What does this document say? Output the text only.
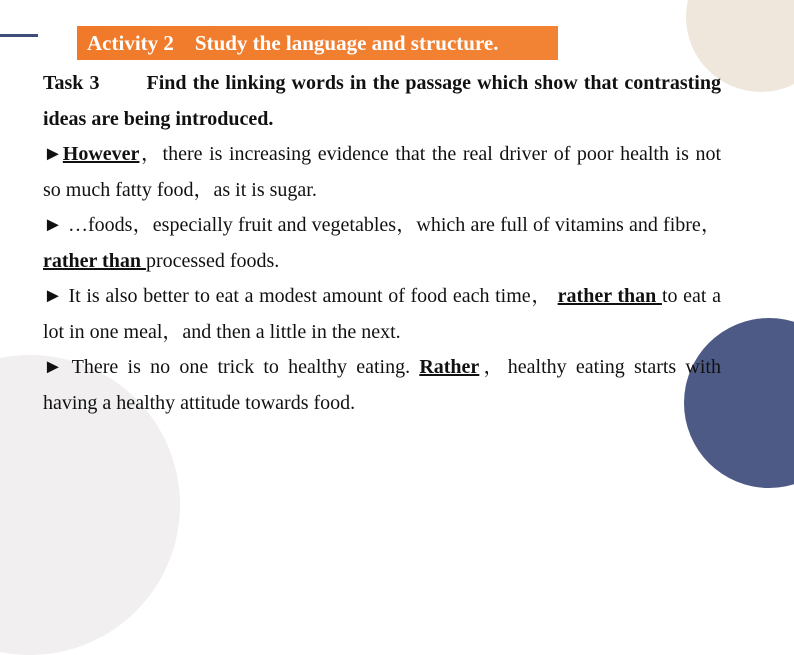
Activity 2    Study the language and structure.

Task 3 Find the linking words in the passage which show that contrasting ideas are being introduced.

►However，there is increasing evidence that the real driver of poor health is not so much fatty food，as it is sugar.

► …foods，especially fruit and vegetables，which are full of vitamins and fibre， rather than processed foods.

► It is also better to eat a modest amount of food each time， rather than to eat a lot in one meal，and then a little in the next.

► There is no one trick to healthy eating. Rather，healthy eating starts with having a healthy attitude towards food.
